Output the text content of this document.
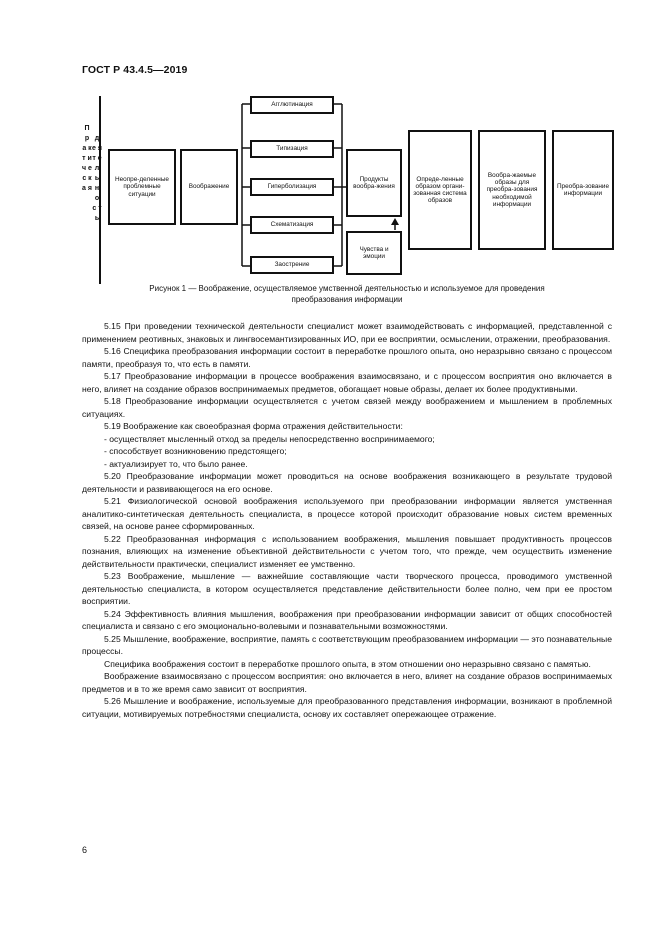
ГОСТ Р 43.4.5—2019
П р а к т и ч е с к а я
д е я т е л ь н о с т ь
Неопре-деленные проблемные ситуации
Воображение
Агглютинация
Типизация
Гиперболизация
Схематизация
Заострение
Продукты вообра-жения
Чувства и эмоции
Опреде-ленные образом органи-зованная система образов
Вообра-жаемые образы для преобра-зования необходимой информации
Преобра-зование информации
Рисунок 1 — Воображение, осуществляемое умственной деятельностью и используемое для проведения
преобразования информации

5.15 При проведении технической деятельности специалист может взаимодействовать с информацией, представленной с применением реотивных, знаковых и лингвосемантизированных ИО, при ее восприятии, осмыслении, отражении, преобразования.

5.16 Специфика преобразования информации состоит в переработке прошлого опыта, оно неразрывно связано с процессом памяти, преобразуя то, что есть в памяти.

5.17 Преобразование информации в процессе воображения взаимосвязано, и с процессом восприятия оно включается в него, влияет на создание образов воспринимаемых предметов, обогащает новые образы, делает их более продуктивными.

5.18 Преобразование информации осуществляется с учетом связей между воображением и мышлением в проблемных ситуациях.

5.19 Воображение как своеобразная форма отражения действительности:

- осуществляет мысленный отход за пределы непосредственно воспринимаемого;

- способствует возникновению предстоящего;

- актуализирует то, что было ранее.

5.20 Преобразование информации может проводиться на основе воображения возникающего в результате трудовой деятельности и развивающегося на его основе.

5.21 Физиологической основой воображения используемого при преобразовании информации является умственная аналитико-синтетическая деятельность специалиста, в процессе которой происходит образование новых систем временных связей, на основе ранее сформированных.

5.22 Преобразованная информация с использованием воображения, мышления повышает продуктивность процессов познания, влияющих на изменение объективной действительности с учетом того, что прежде, чем осуществить изменение действительности практически, специалист изменяет ее умственно.

5.23 Воображение, мышление — важнейшие составляющие части творческого процесса, проводимого умственной деятельностью специалиста, в котором осуществляется представление действительности более полно, чем при ее простом восприятии.

5.24 Эффективность влияния мышления, воображения при преобразовании информации зависит от общих способностей специалиста и связано с его эмоционально-волевыми и познавательными возможностями.

5.25 Мышление, воображение, восприятие, память с соответствующим преобразованием информации — это познавательные процессы.

Специфика воображения состоит в переработке прошлого опыта, в этом отношении оно неразрывно связано с памятью.

Воображение взаимосвязано с процессом восприятия: оно включается в него, влияет на создание образов воспринимаемых предметов и в то же время само зависит от восприятия.

5.26 Мышление и воображение, используемые для преобразованного представления информации, возникают в проблемной ситуации, мотивируемых потребностями специалиста, основу их составляет опережающее отражение.

6
